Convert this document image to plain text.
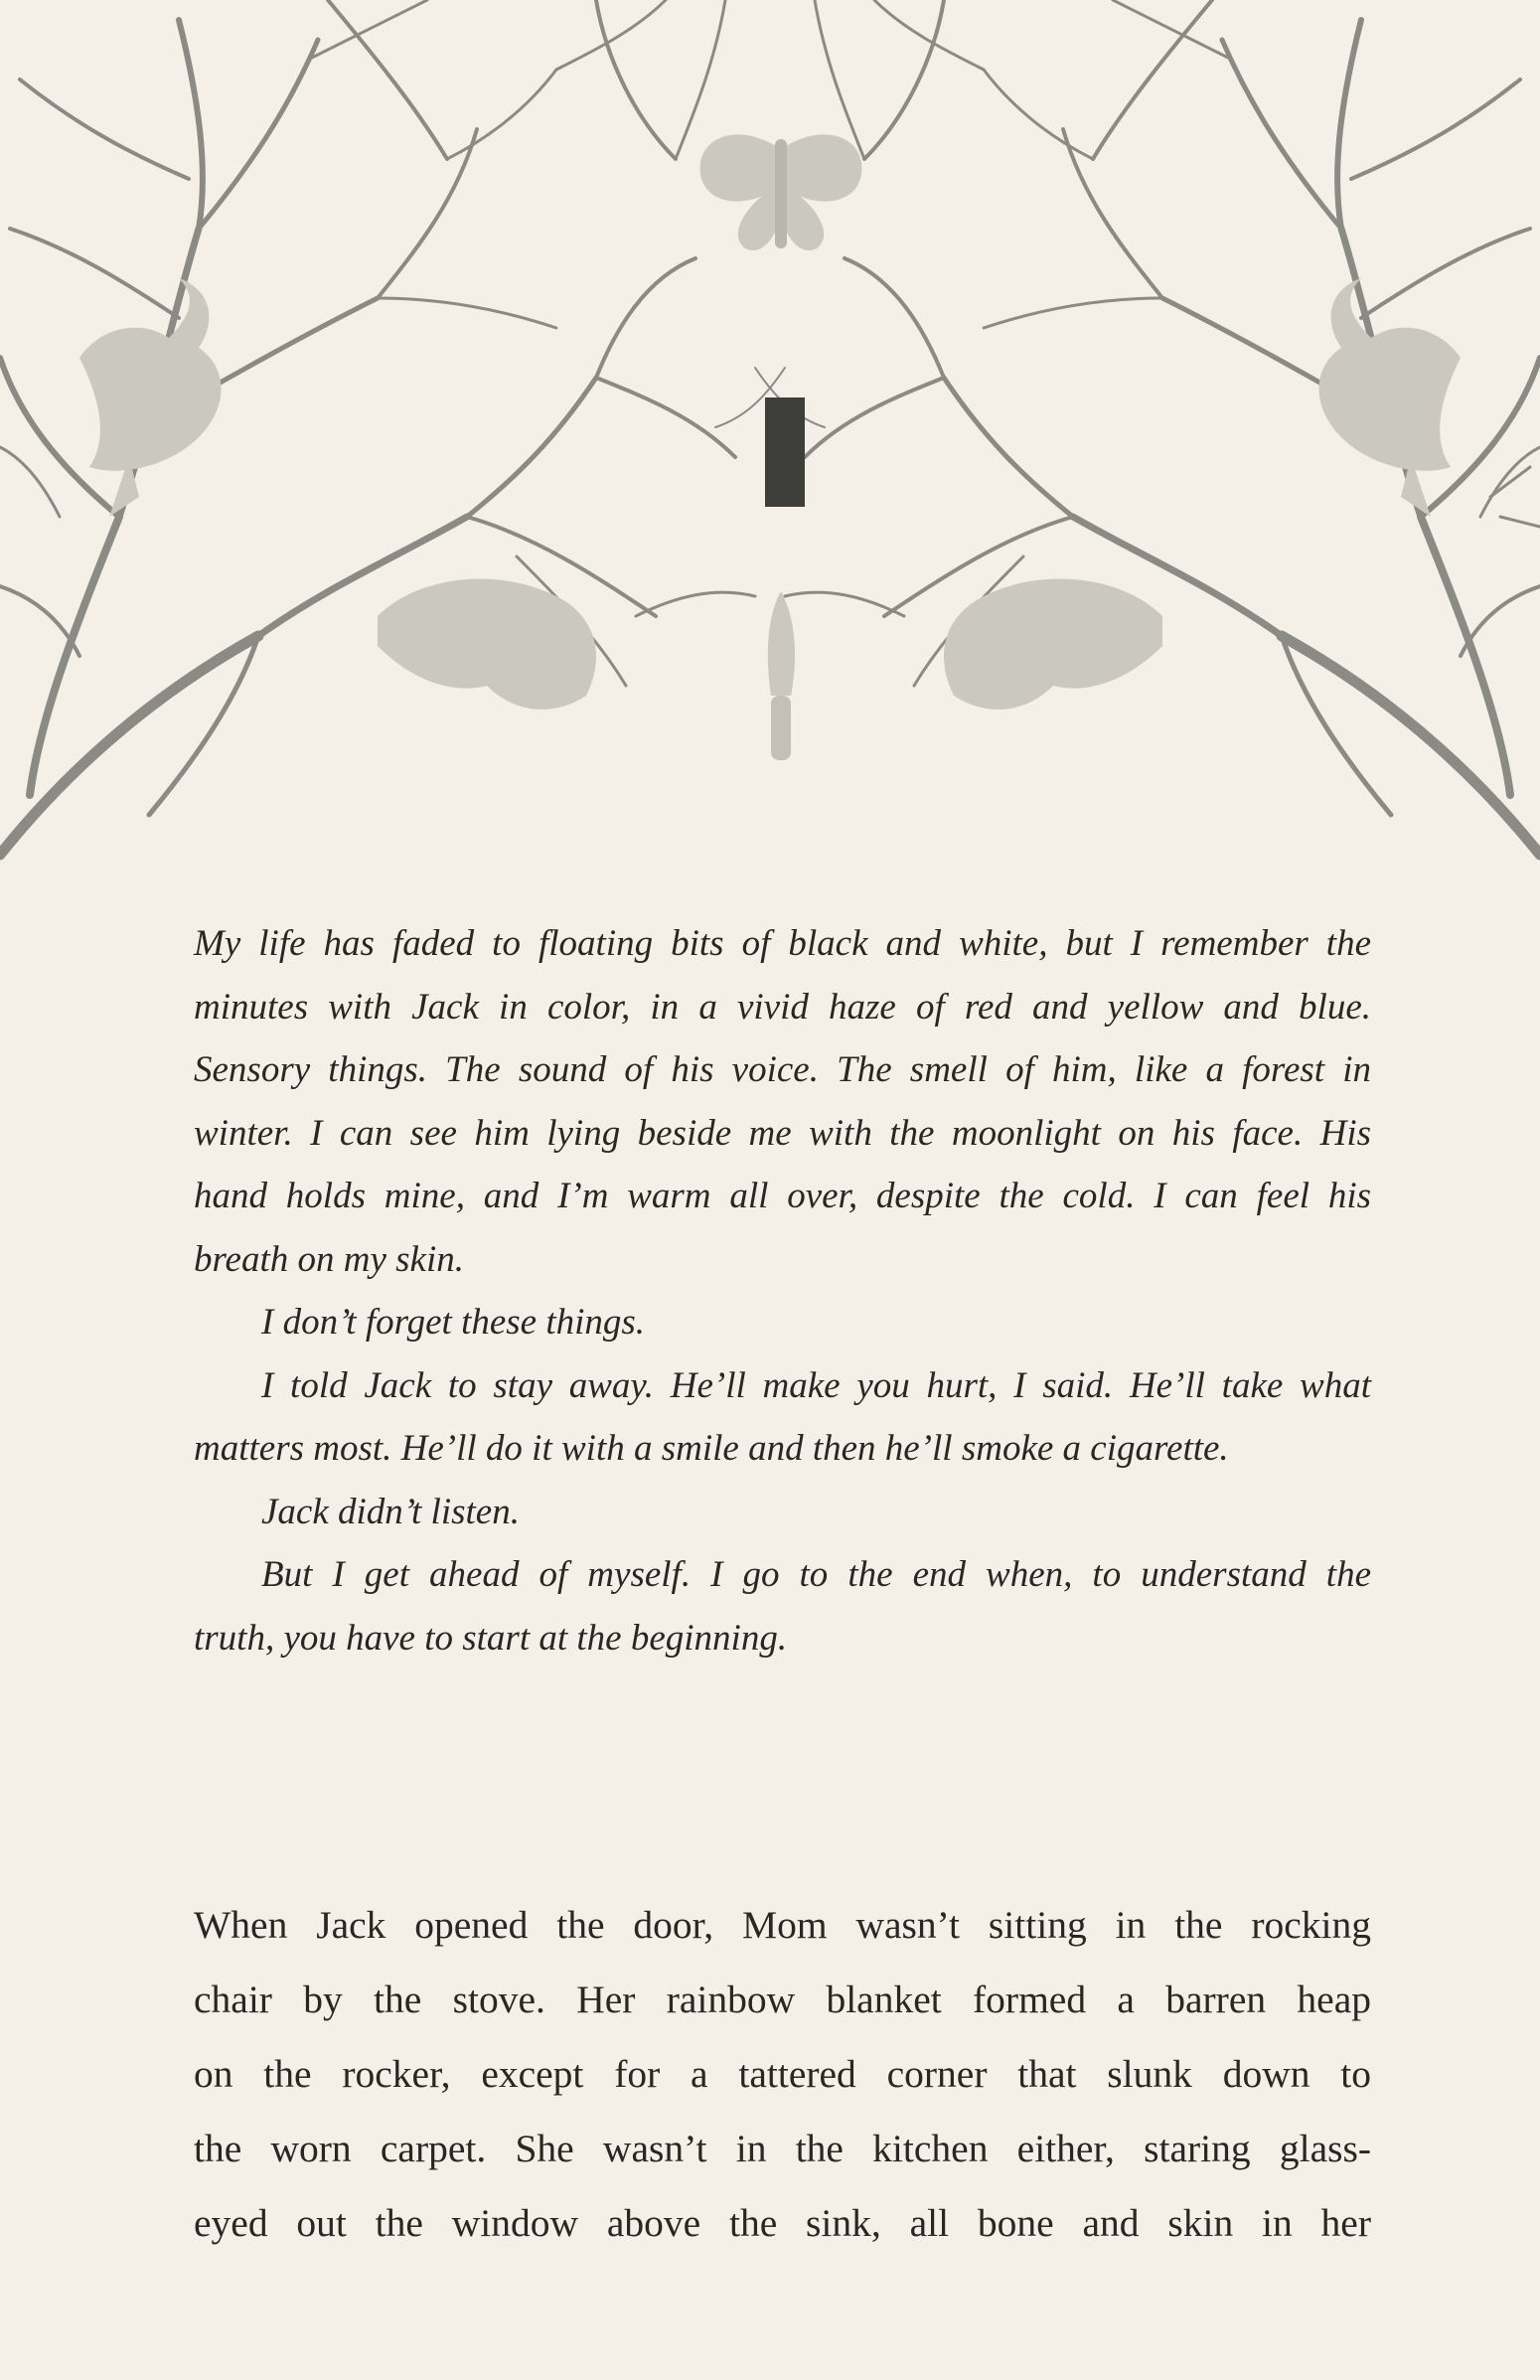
My life has faded to floating bits of black and white, but I remember the

minutes with Jack in color, in a vivid haze of red and yellow and blue.

Sensory things. The sound of his voice. The smell of him, like a forest in

winter. I can see him lying beside me with the moonlight on his face. His

hand holds mine, and I’m warm all over, despite the cold. I can feel his

breath on my skin.

I don’t forget these things.

I told Jack to stay away. He’ll make you hurt, I said. He’ll take what

matters most. He’ll do it with a smile and then he’ll smoke a cigarette.

Jack didn’t listen.

But I get ahead of myself. I go to the end when, to understand the

truth, you have to start at the beginning.

When Jack opened the door, Mom wasn’t sitting in the rocking

chair by the stove. Her rainbow blanket formed a barren heap

on the rocker, except for a tattered corner that slunk down to

the worn carpet. She wasn’t in the kitchen either, staring glass-

eyed out the window above the sink, all bone and skin in her
